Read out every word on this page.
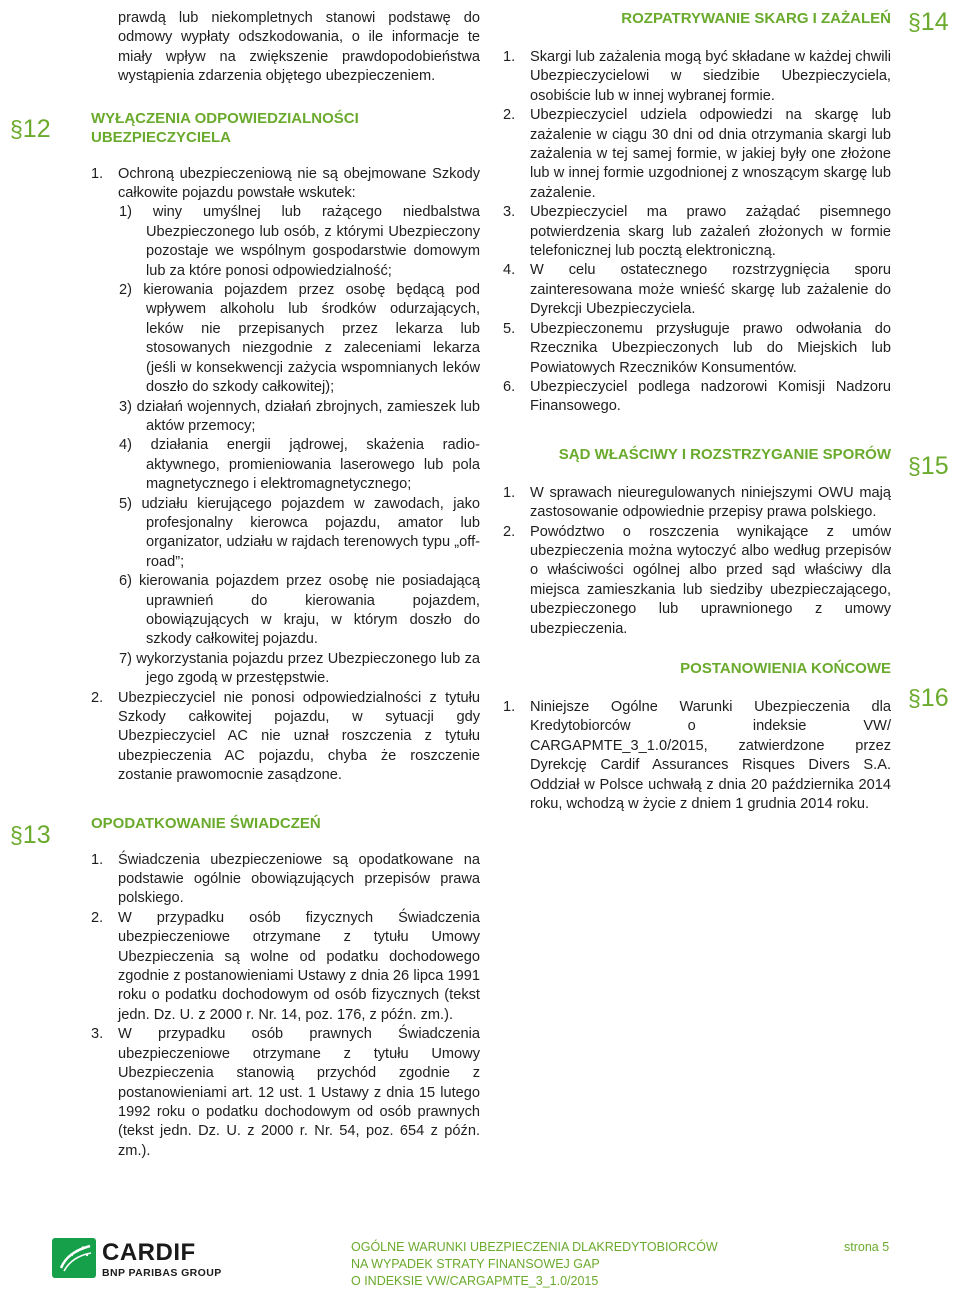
§12
§13
§14
§15
§16

prawdą lub niekompletnych stanowi podstawę do odmowy wypłaty odszkodowania, o ile informacje te miały wpływ na zwiększenie prawdopodobieństwa wystąpienia zdarzenia objętego ubezpieczeniem.

WYŁĄCZENIA ODPOWIEDZIALNOŚCI UBEZPIECZYCIELA
1.	Ochroną ubezpieczeniową nie są obejmowane Szkody całkowite pojazdu powstałe wskutek:
1) winy umyślnej lub rażącego niedbalstwa Ubezpieczonego lub osób, z którymi Ubezpieczony pozostaje we wspólnym gospodarstwie domowym lub za które ponosi odpowiedzialność;
2) kierowania pojazdem przez osobę będącą pod wpływem alkoholu lub środków odurzających, leków nie przepisanych przez lekarza lub stosowanych niezgodnie z zaleceniami lekarza (jeśli w konsekwencji zażycia wspomnianych leków doszło do szkody całkowitej);
3) działań wojennych, działań zbrojnych, zamieszek lub aktów przemocy;
4) działania energii jądrowej, skażenia radio-aktywnego, promieniowania laserowego lub pola magnetycznego i elektromagnetycznego;
5) udziału kierującego pojazdem w zawodach, jako profesjonalny kierowca pojazdu, amator lub organizator, udziału w rajdach terenowych typu „off-road”;
6) kierowania pojazdem przez osobę nie posiadającą uprawnień do kierowania pojazdem, obowiązujących w kraju, w którym doszło do szkody całkowitej pojazdu.
7) wykorzystania pojazdu przez Ubezpieczonego lub za jego zgodą w przestępstwie.
2.	Ubezpieczyciel nie ponosi odpowiedzialności z tytułu Szkody całkowitej pojazdu, w sytuacji gdy Ubezpieczyciel AC nie uznał roszczenia z tytułu ubezpieczenia AC pojazdu, chyba że roszczenie zostanie prawomocnie zasądzone.
OPODATKOWANIE ŚWIADCZEŃ
1.	Świadczenia ubezpieczeniowe są opodatkowane na podstawie ogólnie obowiązujących przepisów prawa polskiego.
2.	W przypadku osób fizycznych Świadczenia ubezpieczeniowe otrzymane z tytułu Umowy Ubezpieczenia są wolne od podatku dochodowego zgodnie z postanowieniami Ustawy z dnia 26 lipca 1991 roku o podatku dochodowym od osób fizycznych (tekst jedn. Dz. U. z 2000 r. Nr. 14, poz. 176, z późn. zm.).
3.	W przypadku osób prawnych Świadczenia ubezpieczeniowe otrzymane z tytułu Umowy Ubezpieczenia stanowią przychód zgodnie z postanowieniami art. 12 ust. 1 Ustawy z dnia 15 lutego 1992 roku o podatku dochodowym od osób prawnych (tekst jedn. Dz. U. z 2000 r. Nr. 54, poz. 654 z późn. zm.).
ROZPATRYWANIE SKARG I ZAŻALEŃ
1.	Skargi lub zażalenia mogą być składane w każdej chwili Ubezpieczycielowi w siedzibie Ubezpieczyciela, osobiście lub w innej wybranej formie.
2.	Ubezpieczyciel udziela odpowiedzi na skargę lub zażalenie w ciągu 30 dni od dnia otrzymania skargi lub zażalenia w tej samej formie, w jakiej były one złożone lub w innej formie uzgodnionej z wnoszącym skargę lub zażalenie.
3.	Ubezpieczyciel ma prawo zażądać pisemnego potwierdzenia skarg lub zażaleń złożonych w formie telefonicznej lub pocztą elektroniczną.
4.	W celu ostatecznego rozstrzygnięcia sporu zainteresowana może wnieść skargę lub zażalenie do Dyrekcji Ubezpieczyciela.
5.	Ubezpieczonemu przysługuje prawo odwołania do Rzecznika Ubezpieczonych lub do Miejskich lub Powiatowych Rzeczników Konsumentów.
6.	Ubezpieczyciel podlega nadzorowi Komisji Nadzoru Finansowego.
SĄD WŁAŚCIWY I ROZSTRZYGANIE SPORÓW
1.	W sprawach nieuregulowanych niniejszymi OWU mają zastosowanie odpowiednie przepisy prawa polskiego.
2.	Powództwo o roszczenia wynikające z umów ubezpieczenia można wytoczyć albo według przepisów o właściwości ogólnej albo przed sąd właściwy dla miejsca zamieszkania lub siedziby ubezpieczającego, ubezpieczonego lub uprawnionego z umowy ubezpieczenia.
POSTANOWIENIA KOŃCOWE
1.	Niniejsze Ogólne Warunki Ubezpieczenia dla Kredytobiorców o indeksie VW/ CARGAPMTE_3_1.0/2015, zatwierdzone przez Dyrekcję Cardif Assurances Risques Divers S.A. Oddział w Polsce uchwałą z dnia 20 października 2014 roku, wchodzą w życie z dniem 1 grudnia 2014 roku.
CARDIF
BNP PARIBAS GROUP
OGÓLNE WARUNKI UBEZPIECZENIA DLAKREDYTOBIORCÓW
NA WYPADEK STRATY FINANSOWEJ GAP
O INDEKSIE VW/CARGAPMTE_3_1.0/2015
strona 5
